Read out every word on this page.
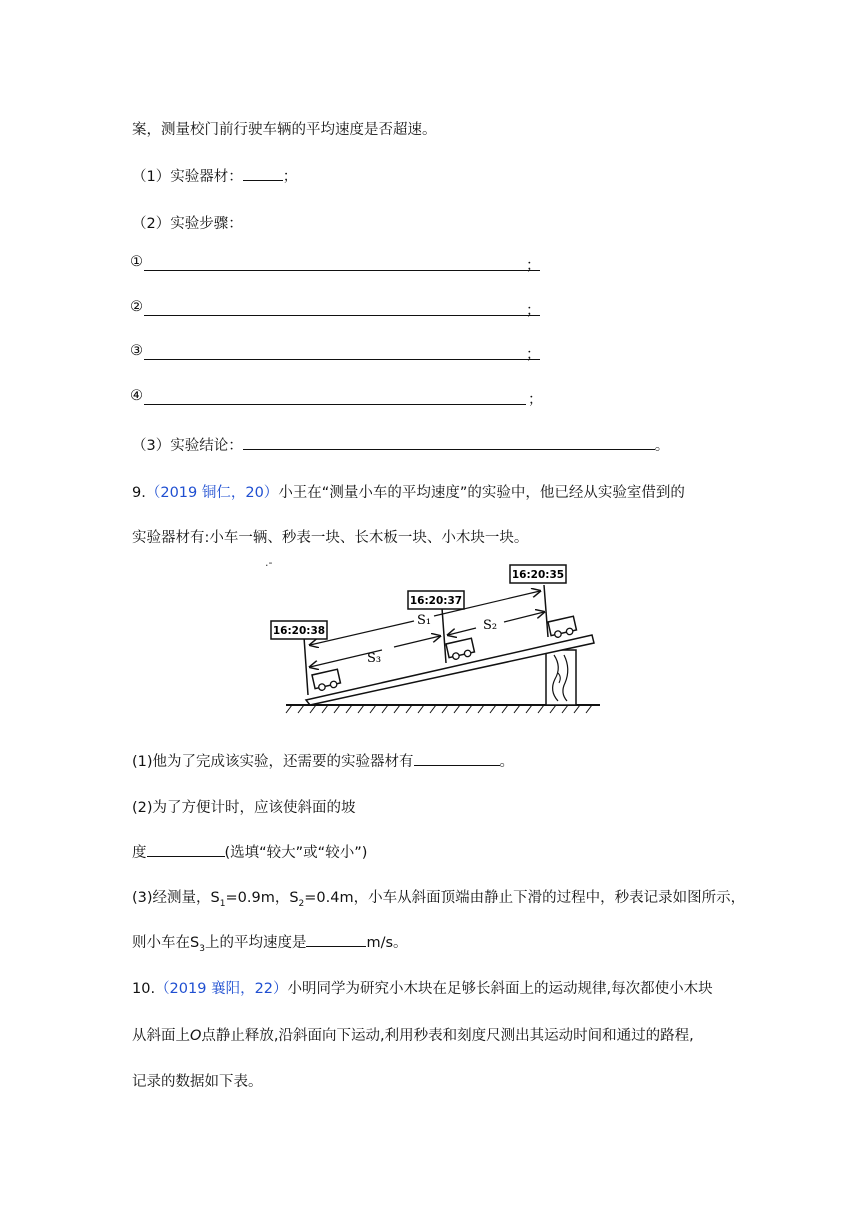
案，测量校门前行驶车辆的平均速度是否超速。
（1）实验器材：	；
（2）实验步骤：
①	；
②	；
③	；
④	；
（3）实验结论：	。
9.（2019 铜仁，20）小王在“测量小车的平均速度”的实验中，他已经从实验室借到的
实验器材有:小车一辆、秒表一块、长木板一块、小木块一块。
.-
16:20:38
16:20:37
16:20:35
S₁	S₂
S₃
(1)他为了完成该实验，还需要的实验器材有	。
(2)为了方便计时，应该使斜面的坡
度	(选填“较大”或“较小”)
(3)经测量，$S_1=0.9m$，$S_2=0.4m$，小车从斜面顶端由静止下滑的过程中，秒表记录如图所示，
则小车在$S_3$上的平均速度是	m/s。
10.（2019 襄阳，22）小明同学为研究小木块在足够长斜面上的运动规律,每次都使小木块
从斜面上O点静止释放,沿斜面向下运动,利用秒表和刻度尺测出其运动时间和通过的路程,
记录的数据如下表。
